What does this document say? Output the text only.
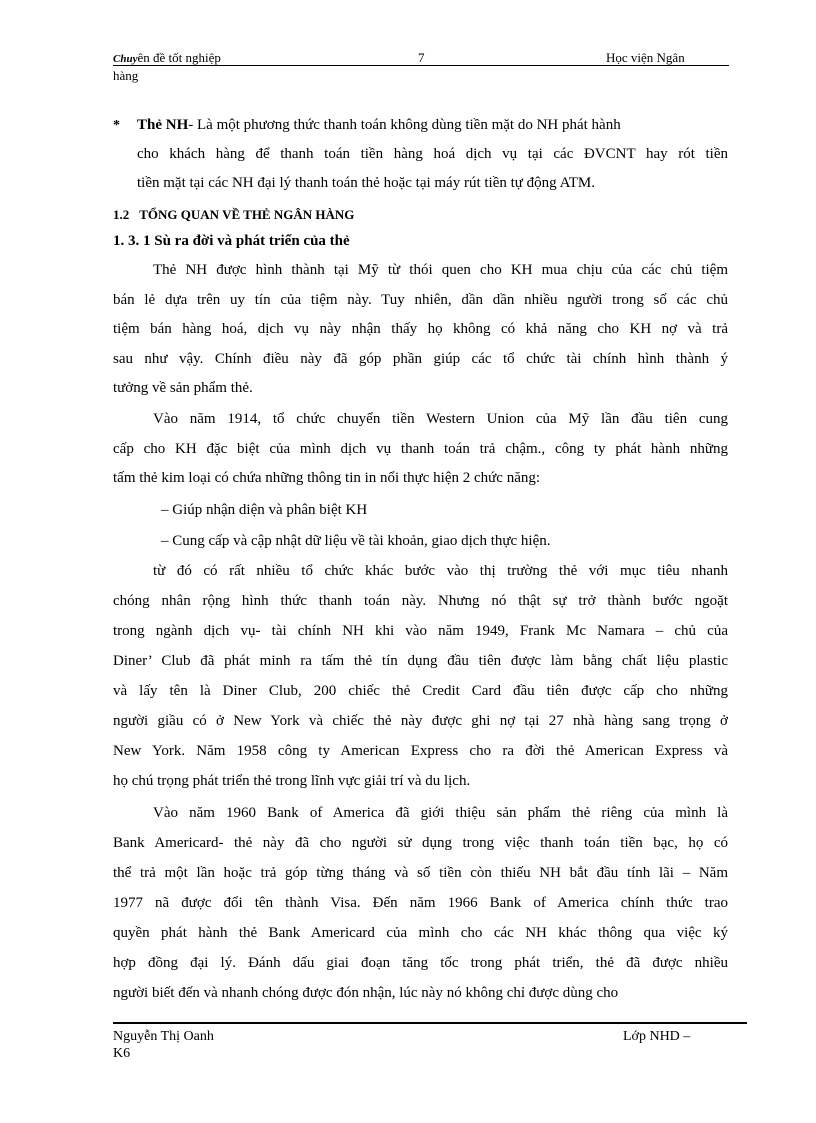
Chuyên đề tốt nghiệp	7	Học viện Ngân
hàng
* Thẻ NH- Là một phương thức thanh toán không dùng tiền mặt do NH phát hành
cho khách hàng để thanh toán tiền hàng hoá dịch vụ tại các ĐVCNT hay rót tiền
tiền mặt tại các NH đại lý thanh toán thẻ hoặc tại máy rút tiền tự động ATM.
1.2 TỔNG QUAN VỀ THẺ NGÂN HÀNG
1. 3. 1 Sù ra đời và phát triển của thẻ
Thẻ NH được hình thành tại Mỹ từ thói quen cho KH mua chịu của các chủ tiệm
bán lẻ dựa trên uy tín của tiệm này. Tuy nhiên, dần dần nhiều người trong số các chủ
tiệm bán hàng hoá, dịch vụ này nhận thấy họ không có khả năng cho KH nợ và trả
sau như vậy. Chính điều này đã góp phần giúp các tổ chức tài chính hình thành ý
tưởng về sản phẩm thẻ.
Vào năm 1914, tổ chức chuyển tiền Western Union của Mỹ lần đầu tiên cung
cấp cho KH đặc biệt của mình dịch vụ thanh toán trả chậm., công ty phát hành những
tấm thẻ kim loại có chứa những thông tin in nổi thực hiện 2 chức năng:
– Giúp nhận diện và phân biệt KH
– Cung cấp và cập nhật dữ liệu về tài khoản, giao dịch thực hiện.
từ đó có rất nhiều tổ chức khác bước vào thị trường thẻ với mục tiêu nhanh
chóng nhân rộng hình thức thanh toán này. Nhưng nó thật sự trở thành bước ngoặt
trong ngành dịch vụ- tài chính NH khi vào năm 1949, Frank Mc Namara – chủ của
Diner’ Club đã phát minh ra tấm thẻ tín dụng đầu tiên được làm bằng chất liệu plastic
và lấy tên là Diner Club, 200 chiếc thẻ Credit Card đầu tiên được cấp cho những
người giầu có ở New York và chiếc thẻ này được ghi nợ tại 27 nhà hàng sang trọng ở
New York. Năm 1958 công ty American Express cho ra đời thẻ American Express và
họ chú trọng phát triển thẻ trong lĩnh vực giải trí và du lịch.
Vào năm 1960 Bank of America đã giới thiệu sản phẩm thẻ riêng của mình là
Bank Americard- thẻ này đã cho người sử dụng trong việc thanh toán tiền bạc, họ có
thể trả một lần hoặc trả góp từng tháng và số tiền còn thiếu NH bắt đầu tính lãi – Năm
1977 nã được đổi tên thành Visa. Đến năm 1966 Bank of America chính thức trao
quyền phát hành thẻ Bank Americard của mình cho các NH khác thông qua việc ký
hợp đồng đại lý. Đánh dấu giai đoạn tăng tốc trong phát triển, thẻ đã được nhiều
người biết đến và nhanh chóng được đón nhận, lúc này nó không chỉ được dùng cho
Nguyễn Thị Oanh	Lớp NHD –
K6
